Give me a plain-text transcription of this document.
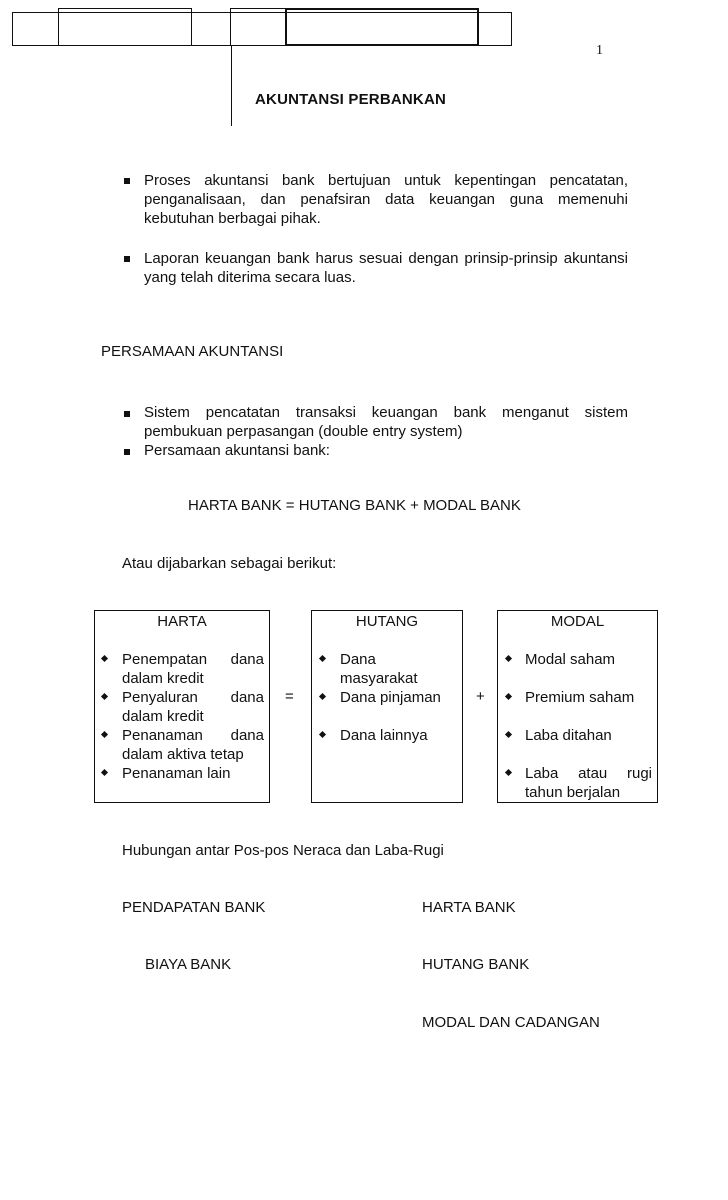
1
AKUNTANSI PERBANKAN
Proses akuntansi bank bertujuan untuk kepentingan pencatatan, penganalisaan, dan penafsiran data keuangan guna memenuhi kebutuhan berbagai pihak.
Laporan keuangan bank harus sesuai dengan prinsip-prinsip akuntansi yang telah diterima secara luas.
PERSAMAAN AKUNTANSI
Sistem pencatatan transaksi keuangan bank menganut sistem pembukuan perpasangan (double entry system)
Persamaan akuntansi bank:
HARTA BANK = HUTANG BANK + MODAL BANK
Atau dijabarkan sebagai berikut:
HARTA
Penempatan dana
dalam kredit
Penyaluran dana
dalam kredit
Penanaman dana
dalam aktiva tetap
Penanaman lain
=
HUTANG
Dana
masyarakat
Dana pinjaman
Dana lainnya
+
MODAL
Modal saham
Premium saham
Laba ditahan
Laba atau rugi
tahun berjalan
Hubungan antar Pos-pos Neraca dan Laba-Rugi
PENDAPATAN BANK
BIAYA BANK
HARTA BANK
HUTANG BANK
MODAL DAN CADANGAN
